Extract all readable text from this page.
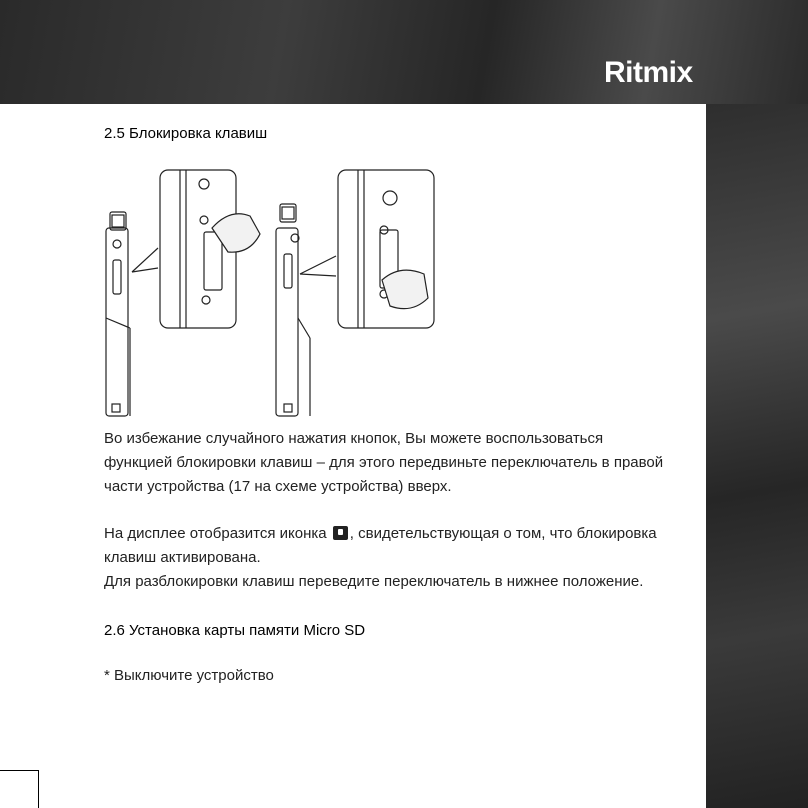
Ritmix
2.5 Блокировка клавиш

Во избежание случайного нажатия кнопок, Вы можете воспользоваться

функцией блокировки клавиш – для этого передвиньте переключатель в правой

части устройства (17 на схеме устройства) вверх.

На дисплее отобразится иконка , свидетельствующая о том, что блокировка

клавиш активирована.

Для разблокировки клавиш переведите переключатель в нижнее положение.

2.6 Установка карты памяти Micro SD

* Выключите устройство
